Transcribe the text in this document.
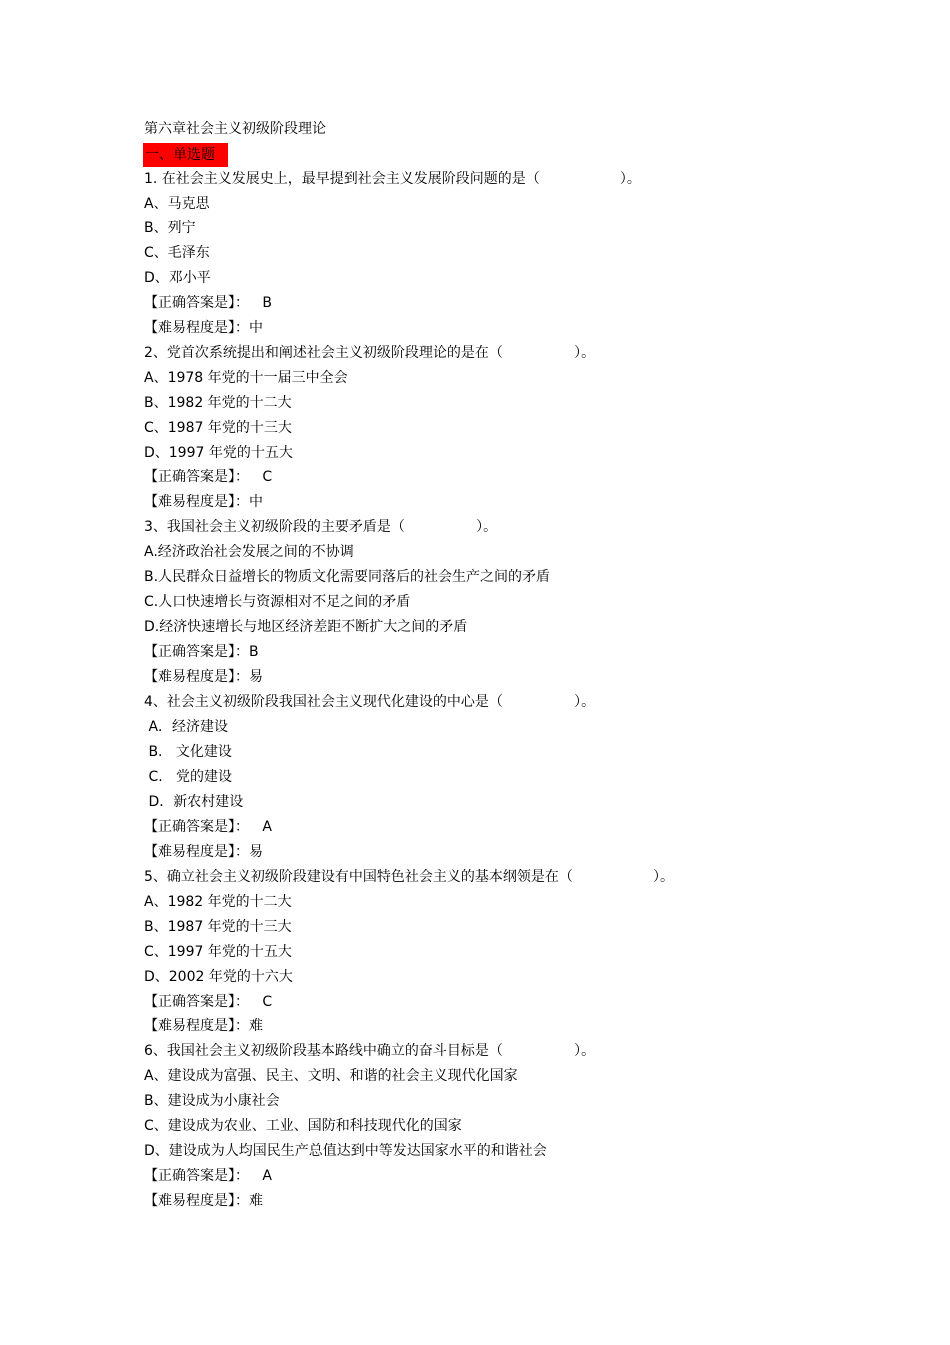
第六章社会主义初级阶段理论
一、单选题
1. 在社会主义发展史上，最早提到社会主义发展阶段问题的是（                  ）。
A、马克思
B、列宁
C、毛泽东
D、邓小平
【正确答案是】：   B
【难易程度是】：中
2、党首次系统提出和阐述社会主义初级阶段理论的是在（                ）。
A、1978 年党的十一届三中全会
B、1982 年党的十二大
C、1987 年党的十三大
D、1997 年党的十五大
【正确答案是】：   C
【难易程度是】：中
3、我国社会主义初级阶段的主要矛盾是（                ）。
A.经济政治社会发展之间的不协调
B.人民群众日益增长的物质文化需要同落后的社会生产之间的矛盾
C.人口快速增长与资源相对不足之间的矛盾
D.经济快速增长与地区经济差距不断扩大之间的矛盾
【正确答案是】：B
【难易程度是】：易
4、社会主义初级阶段我国社会主义现代化建设的中心是（                ）。
A．经济建设
B.   文化建设
C.   党的建设
D．新农村建设
【正确答案是】：   A
【难易程度是】：易
5、确立社会主义初级阶段建设有中国特色社会主义的基本纲领是在（                  ）。
A、1982 年党的十二大
B、1987 年党的十三大
C、1997 年党的十五大
D、2002 年党的十六大
【正确答案是】：   C
【难易程度是】：难
6、我国社会主义初级阶段基本路线中确立的奋斗目标是（                ）。
A、建设成为富强、民主、文明、和谐的社会主义现代化国家
B、建设成为小康社会
C、建设成为农业、工业、国防和科技现代化的国家
D、建设成为人均国民生产总值达到中等发达国家水平的和谐社会
【正确答案是】：   A
【难易程度是】：难
